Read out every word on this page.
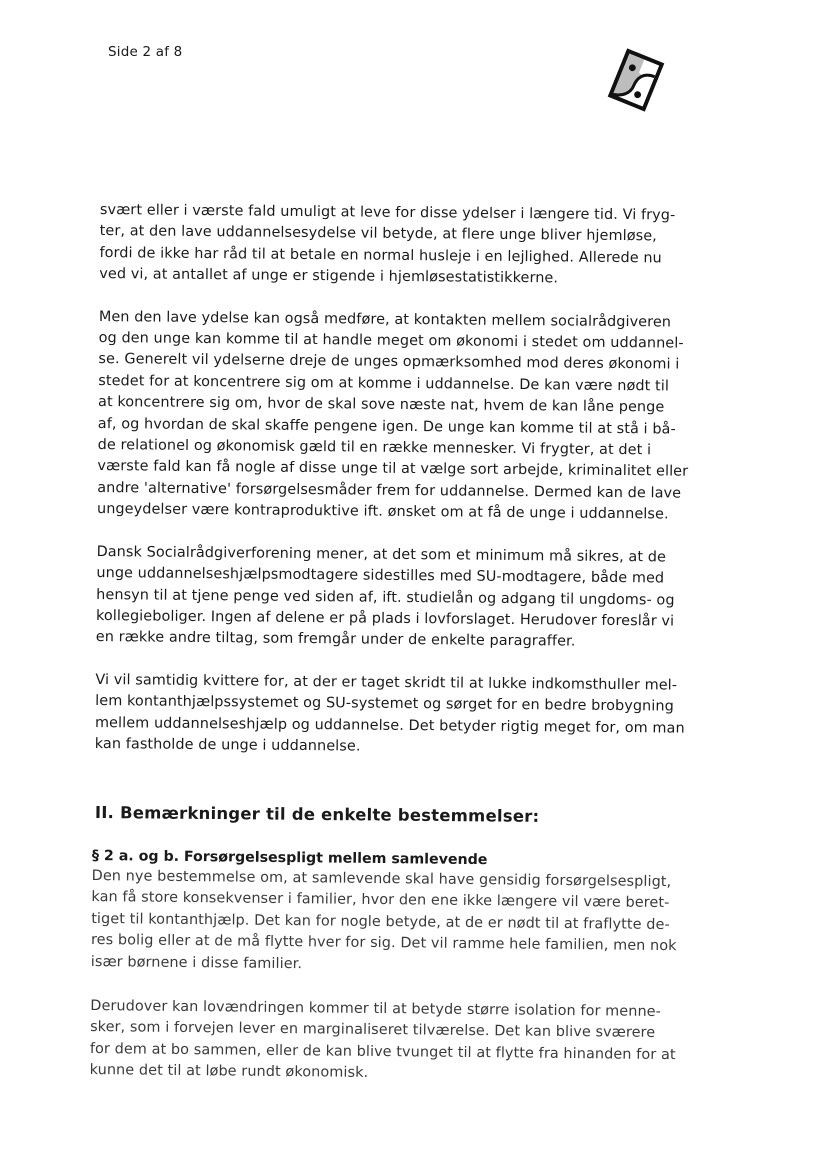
Side 2 af 8

svært eller i værste fald umuligt at leve for disse ydelser i længere tid. Vi fryg-
ter, at den lave uddannelsesydelse vil betyde, at flere unge bliver hjemløse,
fordi de ikke har råd til at betale en normal husleje i en lejlighed. Allerede nu
ved vi, at antallet af unge er stigende i hjemløsestatistikkerne.

Men den lave ydelse kan også medføre, at kontakten mellem socialrådgiveren
og den unge kan komme til at handle meget om økonomi i stedet om uddannel-
se. Generelt vil ydelserne dreje de unges opmærksomhed mod deres økonomi i
stedet for at koncentrere sig om at komme i uddannelse. De kan være nødt til
at koncentrere sig om, hvor de skal sove næste nat, hvem de kan låne penge
af, og hvordan de skal skaffe pengene igen. De unge kan komme til at stå i bå-
de relationel og økonomisk gæld til en række mennesker. Vi frygter, at det i
værste fald kan få nogle af disse unge til at vælge sort arbejde, kriminalitet eller
andre 'alternative' forsørgelsesmåder frem for uddannelse. Dermed kan de lave
ungeydelser være kontraproduktive ift. ønsket om at få de unge i uddannelse.

Dansk Socialrådgiverforening mener, at det som et minimum må sikres, at de
unge uddannelseshjælpsmodtagere sidestilles med SU-modtagere, både med
hensyn til at tjene penge ved siden af, ift. studielån og adgang til ungdoms- og
kollegieboliger. Ingen af delene er på plads i lovforslaget. Herudover foreslår vi
en række andre tiltag, som fremgår under de enkelte paragraffer.

Vi vil samtidig kvittere for, at der er taget skridt til at lukke indkomsthuller mel-
lem kontanthjælpssystemet og SU-systemet og sørget for en bedre brobygning
mellem uddannelseshjælp og uddannelse. Det betyder rigtig meget for, om man
kan fastholde de unge i uddannelse.

II. Bemærkninger til de enkelte bestemmelser:
§ 2 a. og b. Forsørgelsespligt mellem samlevende

Den nye bestemmelse om, at samlevende skal have gensidig forsørgelsespligt,
kan få store konsekvenser i familier, hvor den ene ikke længere vil være beret-
tiget til kontanthjælp. Det kan for nogle betyde, at de er nødt til at fraflytte de-
res bolig eller at de må flytte hver for sig. Det vil ramme hele familien, men nok
især børnene i disse familier.

Derudover kan lovændringen kommer til at betyde større isolation for menne-
sker, som i forvejen lever en marginaliseret tilværelse. Det kan blive sværere
for dem at bo sammen, eller de kan blive tvunget til at flytte fra hinanden for at
kunne det til at løbe rundt økonomisk.
